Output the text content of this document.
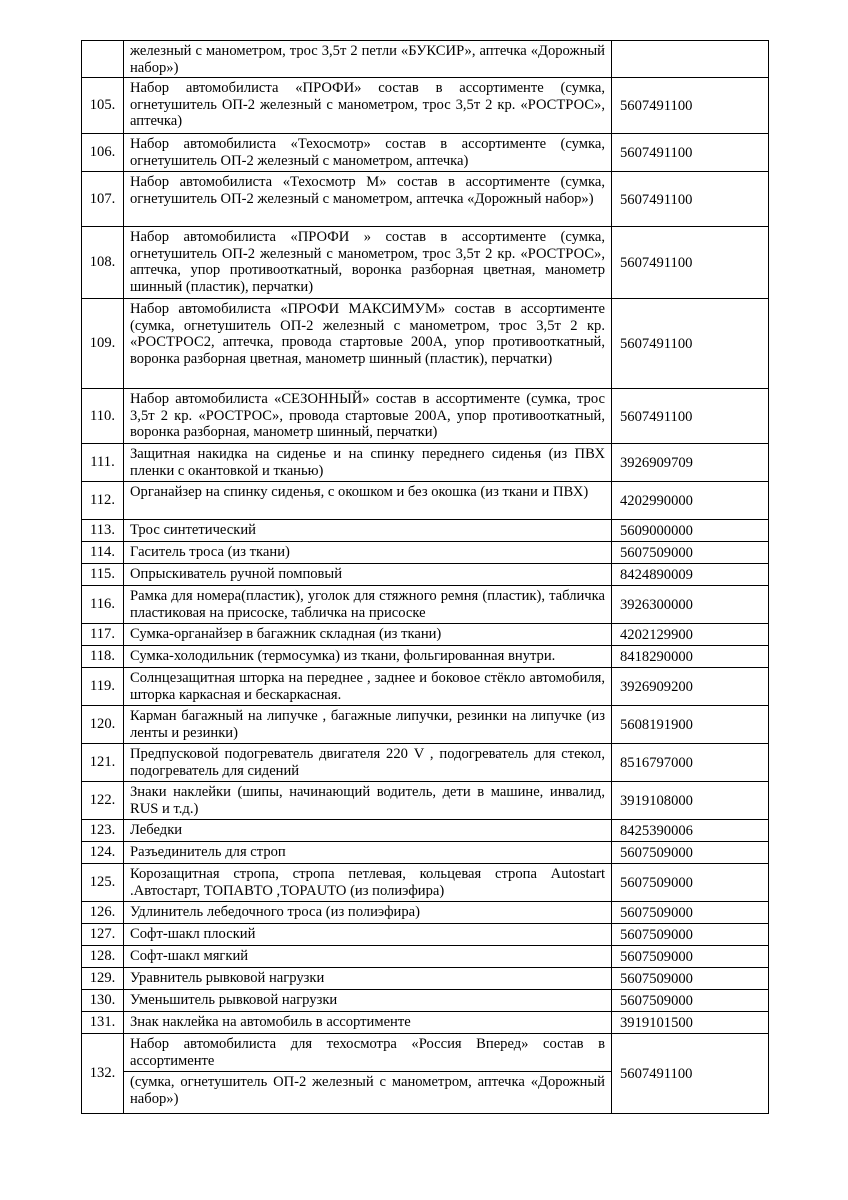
	железный с манометром, трос 3,5т 2 петли «БУКСИР», аптечка «Дорожный набор»)	
105.	Набор автомобилиста «ПРОФИ» состав в ассортименте (сумка, огнетушитель ОП-2 железный с манометром, трос 3,5т 2 кр. «РОСТРОС», аптечка)	5607491100
106.	Набор автомобилиста «Техосмотр» состав в ассортименте (сумка, огнетушитель ОП-2 железный с манометром, аптечка)	5607491100
107.	Набор автомобилиста «Техосмотр М» состав в ассортименте (сумка, огнетушитель ОП-2 железный с манометром, аптечка «Дорожный набор»)	5607491100
108.	Набор автомобилиста «ПРОФИ » состав в ассортименте (сумка, огнетушитель ОП-2 железный с манометром, трос 3,5т 2 кр. «РОСТРОС», аптечка, упор противооткатный, воронка разборная цветная, манометр шинный (пластик), перчатки)	5607491100
109.	Набор автомобилиста «ПРОФИ МАКСИМУМ» состав в ассортименте (сумка, огнетушитель ОП-2 железный с манометром, трос 3,5т 2 кр. «РОСТРОС2, аптечка, провода стартовые 200А, упор противооткатный, воронка разборная цветная, манометр шинный (пластик), перчатки)	5607491100
110.	Набор автомобилиста «СЕЗОННЫЙ» состав в ассортименте (сумка, трос 3,5т 2 кр. «РОСТРОС», провода стартовые 200А, упор противооткатный, воронка разборная, манометр шинный, перчатки)	5607491100
111.	Защитная накидка на сиденье и на спинку переднего сиденья (из ПВХ пленки с окантовкой и тканью)	3926909709
112.	Органайзер на спинку сиденья, с окошком и без окошка (из ткани и ПВХ)	4202990000
113.	Трос синтетический	5609000000
114.	Гаситель троса (из ткани)	5607509000
115.	Опрыскиватель ручной помповый	8424890009
116.	Рамка для номера(пластик), уголок для стяжного ремня (пластик), табличка пластиковая на присоске, табличка на присоске	3926300000
117.	Сумка-органайзер в багажник складная (из ткани)	4202129900
118.	Сумка-холодильник (термосумка) из ткани, фольгированная внутри.	8418290000
119.	Солнцезащитная шторка на переднее , заднее и боковое стёкло автомобиля, шторка каркасная и бескаркасная.	3926909200
120.	Карман багажный на липучке , багажные липучки, резинки на липучке (из ленты и резинки)	5608191900
121.	Предпусковой подогреватель двигателя 220 V , подогреватель для стекол, подогреватель для сидений	8516797000
122.	Знаки наклейки (шипы, начинающий водитель, дети в машине, инвалид, RUS и т.д.)	3919108000
123.	Лебедки	8425390006
124.	Разъединитель для строп	5607509000
125.	Корозащитная стропа, стропа петлевая, кольцевая стропа Autostart .Автостарт, ТОПАВТО ,TOPAUTO (из полиэфира)	5607509000
126.	Удлинитель лебедочного троса (из полиэфира)	5607509000
127.	Софт-шакл плоский	5607509000
128.	Софт-шакл мягкий	5607509000
129.	Уравнитель рывковой нагрузки	5607509000
130.	Уменьшитель рывковой нагрузки	5607509000
131.	Знак наклейка на автомобиль в ассортименте	3919101500
132.	Набор автомобилиста для техосмотра «Россия Вперед» состав в ассортименте
(сумка, огнетушитель ОП-2 железный с манометром, аптечка «Дорожный набор»)	5607491100
